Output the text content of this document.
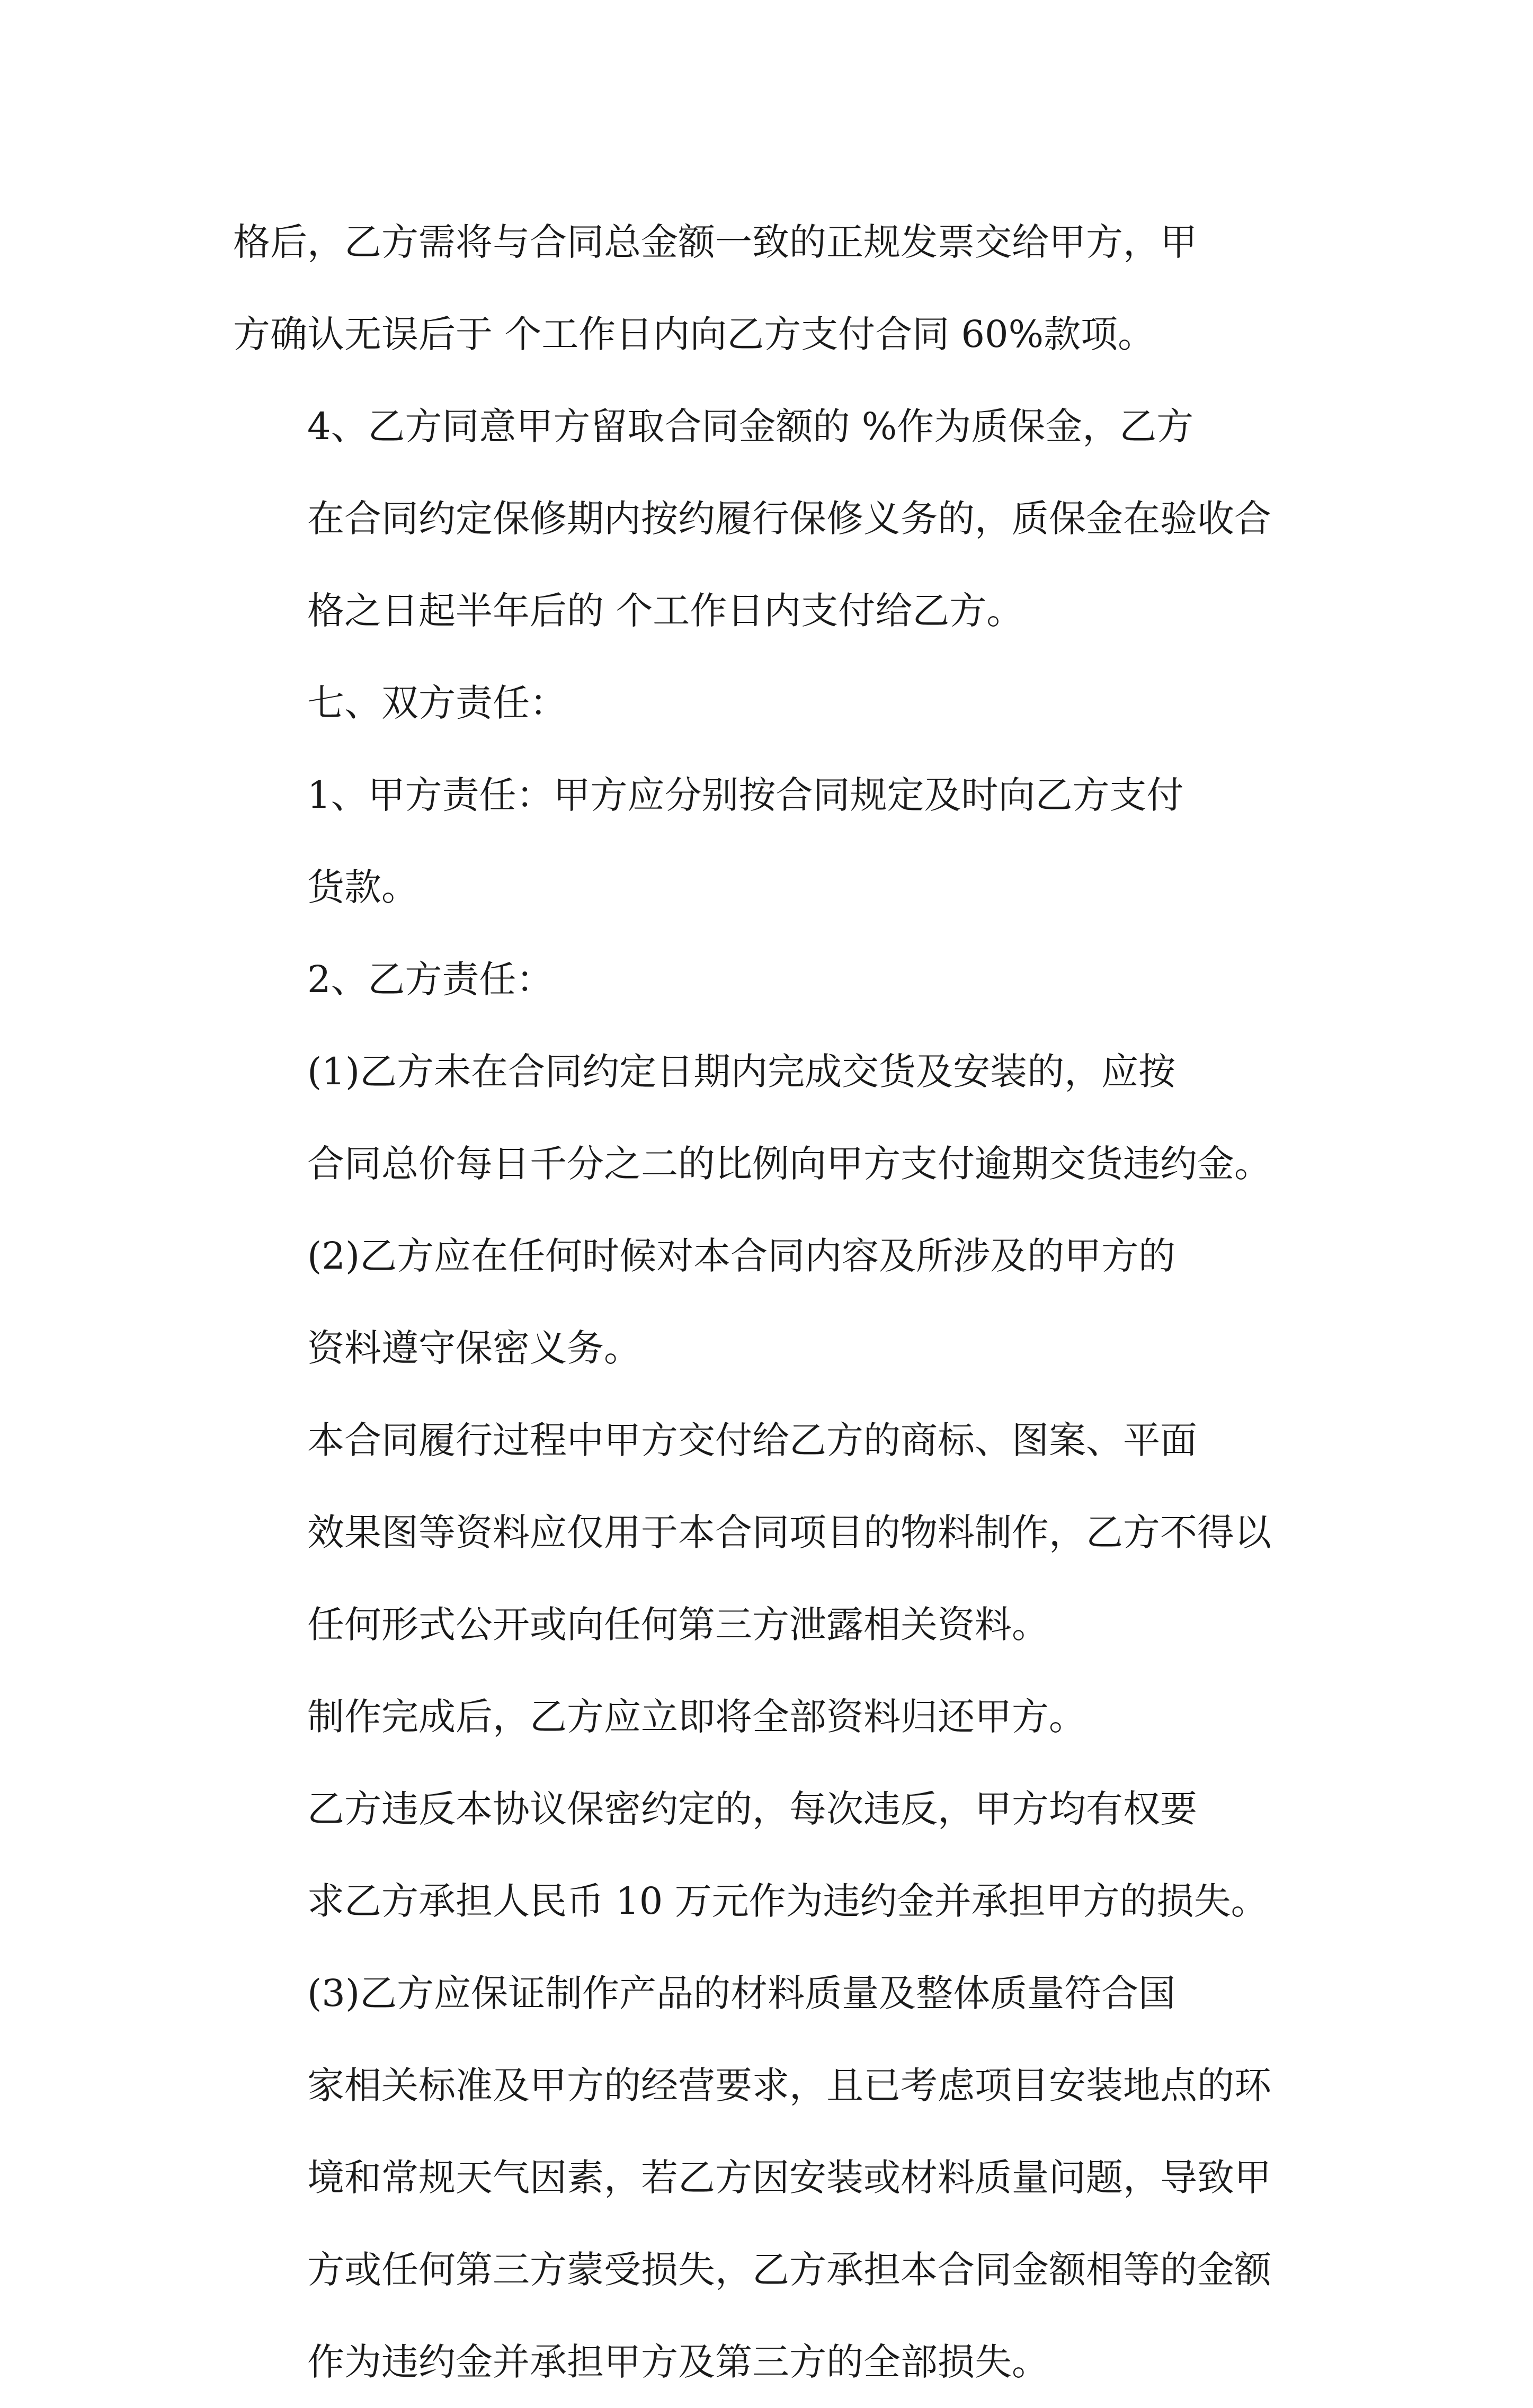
格后，乙方需将与合同总金额一致的正规发票交给甲方，甲
方确认无误后于 个工作日内向乙方支付合同 60%款项。

4、乙方同意甲方留取合同金额的 %作为质保金，乙方
在合同约定保修期内按约履行保修义务的，质保金在验收合
格之日起半年后的 个工作日内支付给乙方。

七、双方责任：

1、甲方责任：甲方应分别按合同规定及时向乙方支付
货款。

2、乙方责任：

(1)乙方未在合同约定日期内完成交货及安装的，应按
合同总价每日千分之二的比例向甲方支付逾期交货违约金。

(2)乙方应在任何时候对本合同内容及所涉及的甲方的
资料遵守保密义务。

本合同履行过程中甲方交付给乙方的商标、图案、平面
效果图等资料应仅用于本合同项目的物料制作，乙方不得以
任何形式公开或向任何第三方泄露相关资料。

制作完成后，乙方应立即将全部资料归还甲方。

乙方违反本协议保密约定的，每次违反，甲方均有权要
求乙方承担人民币 10 万元作为违约金并承担甲方的损失。

(3)乙方应保证制作产品的材料质量及整体质量符合国
家相关标准及甲方的经营要求，且已考虑项目安装地点的环
境和常规天气因素，若乙方因安装或材料质量问题，导致甲
方或任何第三方蒙受损失，乙方承担本合同金额相等的金额
作为违约金并承担甲方及第三方的全部损失。
